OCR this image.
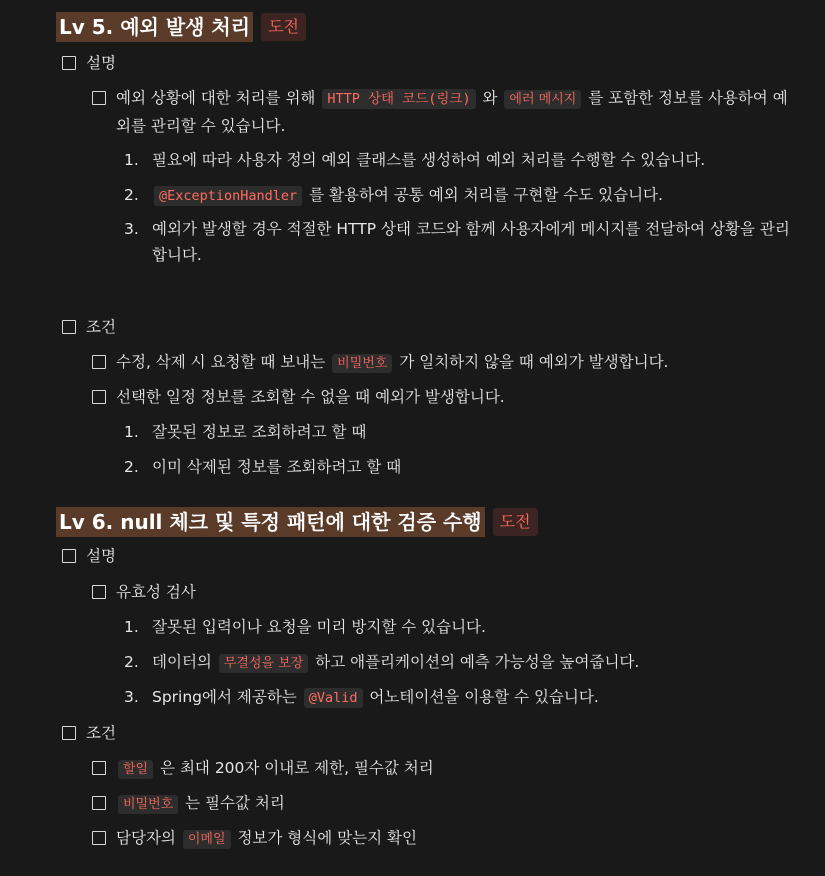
Lv 5. 예외 발생 처리	도전
설명
예외 상황에 대한 처리를 위해 HTTP 상태 코드(링크) 와 에러 메시지 를 포함한 정보를 사용하여 예
외를 관리할 수 있습니다.
1. 필요에 따라 사용자 정의 예외 클래스를 생성하여 예외 처리를 수행할 수 있습니다.
2.	@ExceptionHandler 를 활용하여 공통 예외 처리를 구현할 수도 있습니다.
3. 예외가 발생할 경우 적절한 HTTP 상태 코드와 함께 사용자에게 메시지를 전달하여 상황을 관리
합니다.
조건
수정, 삭제 시 요청할 때 보내는 비밀번호 가 일치하지 않을 때 예외가 발생합니다.
선택한 일정 정보를 조회할 수 없을 때 예외가 발생합니다.
1. 잘못된 정보로 조회하려고 할 때
2. 이미 삭제된 정보를 조회하려고 할 때
Lv 6. null 체크 및 특정 패턴에 대한 검증 수행	도전
설명
유효성 검사
1. 잘못된 입력이나 요청을 미리 방지할 수 있습니다.
2. 데이터의 무결성을 보장 하고 애플리케이션의 예측 가능성을 높여줍니다.
3. Spring에서 제공하는 @Valid 어노테이션을 이용할 수 있습니다.
조건
할일 은 최대 200자 이내로 제한, 필수값 처리
비밀번호 는 필수값 처리
담당자의 이메일 정보가 형식에 맞는지 확인
